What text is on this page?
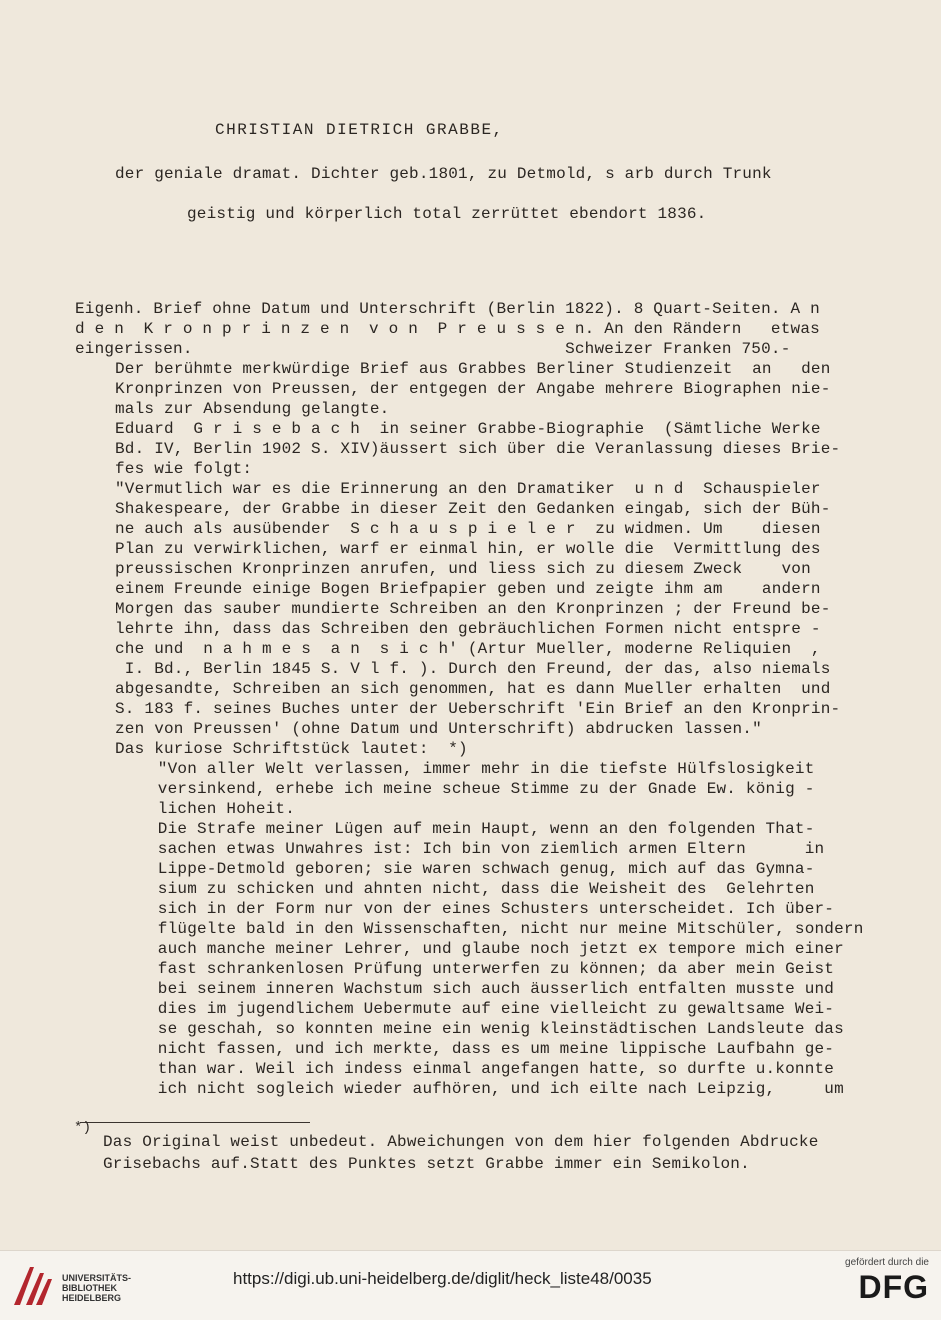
CHRISTIAN DIETRICH GRABBE,
der geniale dramat. Dichter geb.1801, zu Detmold, s arb durch Trunk
geistig und körperlich total zerrüttet ebendort 1836.
Eigenh. Brief ohne Datum und Unterschrift (Berlin 1822). 8 Quart-Seiten. A n
d e n  K r o n p r i n z e n  v o n  P r e u s s e n. An den Rändern   etwas
eingerissen.                                      Schweizer Franken 750.-
Der berühmte merkwürdige Brief aus Grabbes Berliner Studienzeit  an   den
Kronprinzen von Preussen, der entgegen der Angabe mehrere Biographen nie-
mals zur Absendung gelangte.
Eduard  G r i s e b a c h  in seiner Grabbe-Biographie  (Sämtliche Werke
Bd. IV, Berlin 1902 S. XIV)äussert sich über die Veranlassung dieses Brie-
fes wie folgt:
"Vermutlich war es die Erinnerung an den Dramatiker  u n d  Schauspieler
Shakespeare, der Grabbe in dieser Zeit den Gedanken eingab, sich der Büh-
ne auch als ausübender  S c h a u s p i e l e r  zu widmen. Um    diesen
Plan zu verwirklichen, warf er einmal hin, er wolle die  Vermittlung des
preussischen Kronprinzen anrufen, und liess sich zu diesem Zweck    von
einem Freunde einige Bogen Briefpapier geben und zeigte ihm am    andern
Morgen das sauber mundierte Schreiben an den Kronprinzen ; der Freund be-
lehrte ihn, dass das Schreiben den gebräuchlichen Formen nicht entspre -
che und  n a h m e s  a n  s i c h' (Artur Mueller, moderne Reliquien  ,
I. Bd., Berlin 1845 S. V l f. ). Durch den Freund, der das, also niemals
abgesandte, Schreiben an sich genommen, hat es dann Mueller erhalten  und
S. 183 f. seines Buches unter der Ueberschrift 'Ein Brief an den Kronprin-
zen von Preussen' (ohne Datum und Unterschrift) abdrucken lassen."
Das kuriose Schriftstück lautet:  *)
"Von aller Welt verlassen, immer mehr in die tiefste Hülfslosigkeit
versinkend, erhebe ich meine scheue Stimme zu der Gnade Ew. könig -
lichen Hoheit.
Die Strafe meiner Lügen auf mein Haupt, wenn an den folgenden That-
sachen etwas Unwahres ist: Ich bin von ziemlich armen Eltern      in
Lippe-Detmold geboren; sie waren schwach genug, mich auf das Gymna-
sium zu schicken und ahnten nicht, dass die Weisheit des  Gelehrten
sich in der Form nur von der eines Schusters unterscheidet. Ich über-
flügelte bald in den Wissenschaften, nicht nur meine Mitschüler, sondern
auch manche meiner Lehrer, und glaube noch jetzt ex tempore mich einer
fast schrankenlosen Prüfung unterwerfen zu können; da aber mein Geist
bei seinem inneren Wachstum sich auch äusserlich entfalten musste und
dies im jugendlichem Uebermute auf eine vielleicht zu gewaltsame Wei-
se geschah, so konnten meine ein wenig kleinstädtischen Landsleute das
nicht fassen, und ich merkte, dass es um meine lippische Laufbahn ge-
than war. Weil ich indess einmal angefangen hatte, so durfte u.konnte
ich nicht sogleich wieder aufhören, und ich eilte nach Leipzig,     um
*)
Das Original weist unbedeut. Abweichungen von dem hier folgenden Abdrucke
Grisebachs auf.Statt des Punktes setzt Grabbe immer ein Semikolon.
UNIVERSITÄTS-
BIBLIOTHEK
HEIDELBERG
https://digi.ub.uni-heidelberg.de/diglit/heck_liste48/0035
gefördert durch die
DFG
